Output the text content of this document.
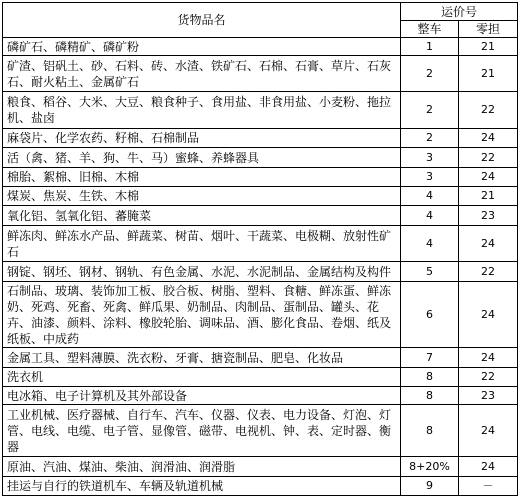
货物品名	运价号	
	整车	零担
磷矿石、磷精矿、磷矿粉	1	21
矿渣、铝矾土、砂、石料、砖、水渣、铁矿石、石棉、石膏、草片、石灰石、耐火粘土、金属矿石	2	21
粮食、稻谷、大米、大豆、粮食种子、食用盐、非食用盐、小麦粉、拖拉机、盐卤	2	22
麻袋片、化学农药、籽棉、石棉制品	2	24
活（禽、猪、羊、狗、牛、马）蜜蜂、养蜂器具	3	22
棉胎、絮棉、旧棉、木棉	3	24
煤炭、焦炭、生铁、木棉	4	21
氧化铝、氢氧化铝、蕃腌菜	4	23
鲜冻肉、鲜冻水产品、鲜蔬菜、树苗、烟叶、干蔬菜、电极糊、放射性矿石	4	24
钢锭、钢坯、钢材、钢轨、有色金属、水泥、水泥制品、金属结构及构件	5	22
石制品、玻璃、装饰加工板、胶合板、树脂、塑料、食糖、鲜冻蛋、鲜冻奶、死鸡、死畜、死禽、鲜瓜果、奶制品、肉制品、蛋制品、罐头、花卉、油漆、颜料、涂料、橡胶轮胎、调味品、酒、膨化食品、卷烟、纸及纸板、中成药	6	24
金属工具、塑料薄膜、洗衣粉、牙膏、搪瓷制品、肥皂、化妆品	7	24
洗衣机	8	22
电冰箱、电子计算机及其外部设备	8	23
工业机械、医疗器械、自行车、汽车、仪器、仪表、电力设备、灯泡、灯管、电线、电缆、电子管、显像管、磁带、电视机、钟、表、定时器、衡器	8	24
原油、汽油、煤油、柴油、润滑油、润滑脂	8+20%	24
挂运与自行的铁道机车、车辆及轨道机械	9	－
